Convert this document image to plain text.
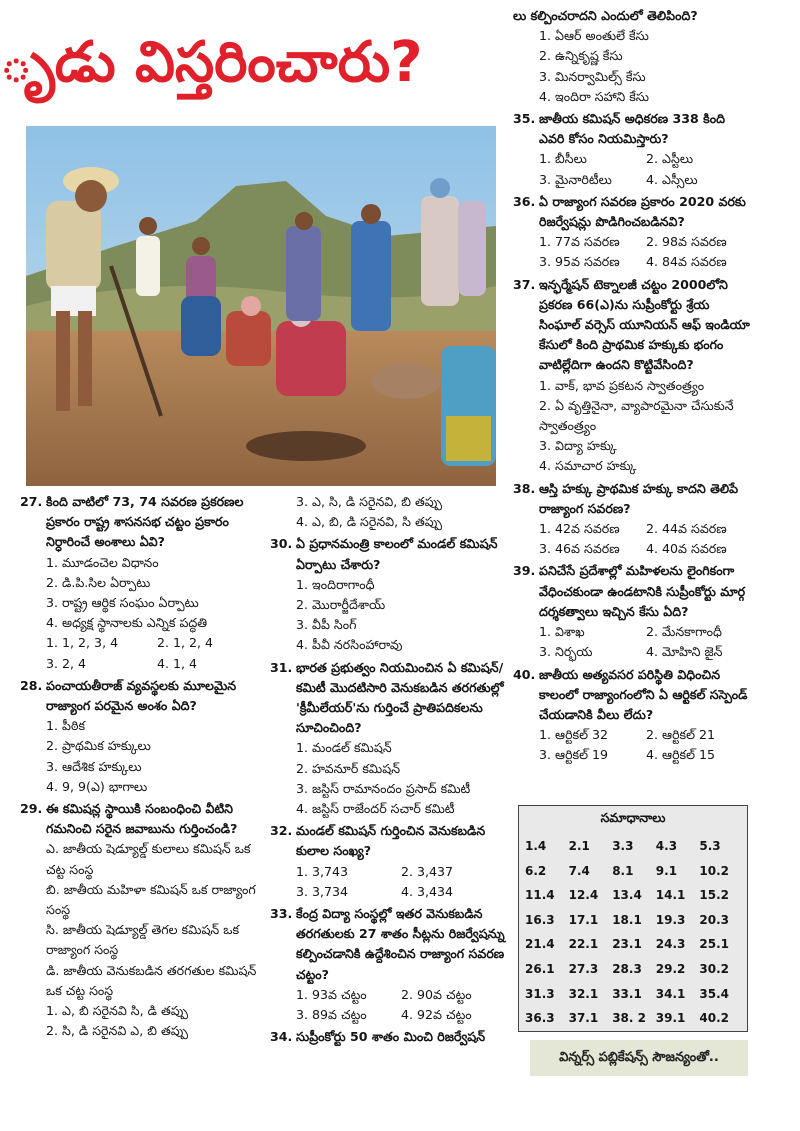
ృడు విస్తరించారు?
27. కింది వాటిలో 73, 74 సవరణ ప్రకరణల ప్రకారం రాష్ట్ర శాసనసభ చట్టం ప్రకారం నిర్ధారించే అంశాలు ఏవి?
1. మూడంచెల విధానం
2. డి.పి.సిల ఏర్పాటు
3. రాష్ట్ర ఆర్థిక సంఘం ఏర్పాటు
4. అధ్యక్ష స్థానాలకు ఎన్నిక పద్ధతి
1. 1, 2, 3, 4	2. 1, 2, 4
3. 2, 4	4. 1, 4
28. పంచాయతీరాజ్ వ్యవస్థలకు మూలమైన రాజ్యాంగ పరమైన అంశం ఏది?
1. పీఠిక
2. ప్రాథమిక హక్కులు
3. ఆదేశిక హక్కులు
4. 9, 9(ఎ) భాగాలు
29. ఈ కమిషన్ల స్థాయికి సంబంధించి వీటిని గమనించి సరైన జవాబును గుర్తించండి?
ఎ. జాతీయ షెడ్యూల్డ్ కులాలు కమిషన్ ఒక చట్ట సంస్థ
బి. జాతీయ మహిళా కమిషన్ ఒక రాజ్యాంగ సంస్థ
సి. జాతీయ షెడ్యూల్డ్ తెగల కమిషన్ ఒక రాజ్యాంగ సంస్థ
డి. జాతీయ వెనుకబడిన తరగతుల కమిషన్ ఒక చట్ట సంస్థ
1. ఎ, బి సరైనవి సి, డి తప్పు
2. సి, డి సరైనవి ఎ, బి తప్పు
3. ఎ, సి, డి సరైనవి, బి తప్పు
4. ఎ, బి, డి సరైనవి, సి తప్పు
30. ఏ ప్రధానమంత్రి కాలంలో మండల్ కమిషన్ ఏర్పాటు చేశారు?
1. ఇందిరాగాంధీ
2. మొరార్జీదేశాయ్
3. వీపీ సింగ్
4. పీవీ నరసింహారావు
31. భారత ప్రభుత్వం నియమించిన ఏ కమిషన్/కమిటీ మొదటిసారి వెనుకబడిన తరగతుల్లో 'క్రీమీలేయర్'ను గుర్తించే ప్రాతిపదికలను సూచించింది?
1. మండల్ కమిషన్
2. హవనూర్ కమిషన్
3. జస్టిస్ రామానందం ప్రసాద్ కమిటీ
4. జస్టిస్ రాజేందర్ సచార్ కమిటీ
32. మండల్ కమిషన్ గుర్తించిన వెనుకబడిన కులాల సంఖ్య?
1. 3,743	2. 3,437
3. 3,734	4. 3,434
33. కేంద్ర విద్యా సంస్థల్లో ఇతర వెనుకబడిన తరగతులకు 27 శాతం సీట్లను రిజర్వేషన్ను కల్పించడానికి ఉద్దేశించిన రాజ్యాంగ సవరణ చట్టం?
1. 93వ చట్టం	2. 90వ చట్టం
3. 89వ చట్టం	4. 92వ చట్టం
34. సుప్రీంకోర్టు 50 శాతం మించి రిజర్వేషన్
లు కల్పించరాదని ఎందులో తెలిపింది?
1. ఏఆర్ అంతులే కేసు
2. ఉన్నికృష్ణ కేసు
3. మినర్వామిల్స్ కేసు
4. ఇందిరా సహాని కేసు
35. జాతీయ కమిషన్ అధికరణ 338 కింది ఎవరి కోసం నియమిస్తారు?
1. బీసీలు	2. ఎస్టీలు
3. మైనారిటీలు	4. ఎస్సీలు
36. ఏ రాజ్యాంగ సవరణ ప్రకారం 2020 వరకు రిజర్వేషన్లు పొడిగించబడినవి?
1. 77వ సవరణ	2. 98వ సవరణ
3. 95వ సవరణ	4. 84వ సవరణ
37. ఇన్ఫర్మేషన్ టెక్నాలజీ చట్టం 2000లోని ప్రకరణ 66(ఎ)ను సుప్రీంకోర్టు శ్రేయ సింఘాల్ వర్సెస్ యూనియన్ ఆఫ్ ఇండియా కేసులో కింది ప్రాథమిక హక్కుకు భంగం వాటిల్లేదిగా ఉందని కొట్టివేసింది?
1. వాక్, భావ ప్రకటన స్వాతంత్ర్యం
2. ఏ వృత్తినైనా, వ్యాపారమైనా చేసుకునే స్వాతంత్ర్యం
3. విద్యా హక్కు
4. సమాచార హక్కు
38. ఆస్తి హక్కు ప్రాథమిక హక్కు కాదని తెలిపే రాజ్యాంగ సవరణ?
1. 42వ సవరణ	2. 44వ సవరణ
3. 46వ సవరణ	4. 40వ సవరణ
39. పనిచేసే ప్రదేశాల్లో మహిళలను లైంగికంగా వేధించకుండా ఉండటానికి సుప్రీంకోర్టు మార్గ దర్శకత్వాలు ఇచ్చిన కేసు ఏది?
1. విశాఖ	2. మేనకాగాంధీ
3. నిర్భయ	4. మోహిని జైన్
40. జాతీయ అత్యవసర పరిస్థితి విధించిన కాలంలో రాజ్యాంగంలోని ఏ ఆర్టికల్ సస్పెండ్ చేయడానికి వీలు లేదు?
1. ఆర్టికల్ 32	2. ఆర్టికల్ 21
3. ఆర్టికల్ 19	4. ఆర్టికల్ 15
సమాధానాలు
1.4	2.1	3.3	4.3	5.3
6.2	7.4	8.1	9.1	10.2
11.4	12.4	13.4	14.1	15.2
16.3	17.1	18.1	19.3	20.3
21.4	22.1	23.1	24.3	25.1
26.1	27.3	28.3	29.2	30.2
31.3	32.1	33.1	34.1	35.4
36.3	37.1	38. 2 39.1	40.2
విన్నర్స్ పబ్లికేషన్స్ సౌజన్యంతో..
